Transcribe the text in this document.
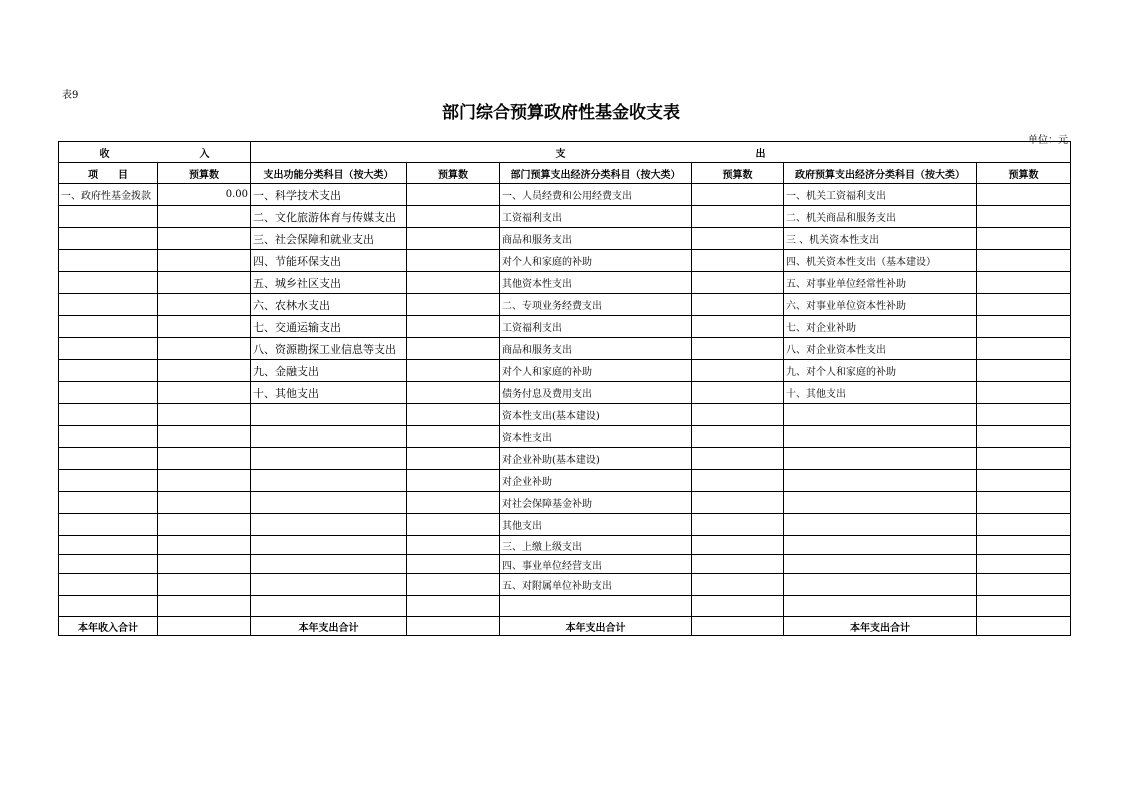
表9
部门综合预算政府性基金收支表
单位：元
收 入		支 出					
项　　目	预算数	支出功能分类科目（按大类）	预算数	部门预算支出经济分类科目（按大类）	预算数	政府预算支出经济分类科目（按大类）	预算数
一、政府性基金拨款	0.00	一、科学技术支出		一、人员经费和公用经费支出		一、机关工资福利支出	
		二、文化旅游体育与传媒支出		工资福利支出		二、机关商品和服务支出	
		三、社会保障和就业支出		商品和服务支出		三 、机关资本性支出	
		四、节能环保支出		对个人和家庭的补助		四、机关资本性支出（基本建设）	
		五、城乡社区支出		其他资本性支出		五、对事业单位经常性补助	
		六、农林水支出		二、专项业务经费支出		六、对事业单位资本性补助	
		七、交通运输支出		工资福利支出		七、对企业补助	
		八、资源勘探工业信息等支出		商品和服务支出		八、对企业资本性支出	
		九、金融支出		对个人和家庭的补助		九、对个人和家庭的补助	
		十、其他支出		债务付息及费用支出		十、其他支出	
				资本性支出(基本建设)			
				资本性支出			
				对企业补助(基本建设)			
				对企业补助			
				对社会保障基金补助			
				其他支出			
				三、上缴上级支出			
				四、事业单位经营支出			
				五、对附属单位补助支出			

本年收入合计		本年支出合计		本年支出合计		本年支出合计	
